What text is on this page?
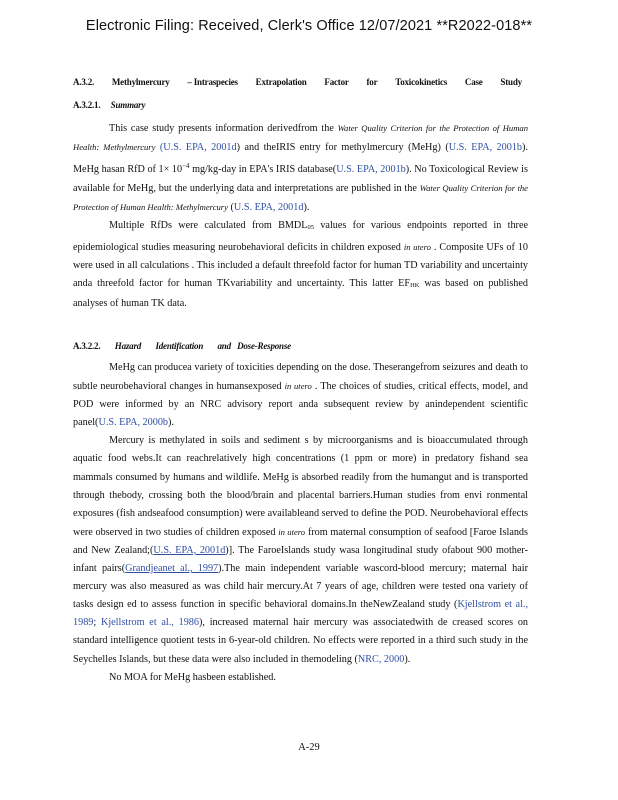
Electronic Filing: Received, Clerk's Office 12/07/2021 **R2022-018**
A.3.2. Methylmercury – Intraspecies Extrapolation Factor for Toxicokinetics Case Study
A.3.2.1. Summary

This case study presents information derivedfrom the Water Quality Criterion for the Protection of Human Health: Methylmercury (U.S. EPA, 2001d) and theIRIS entry for methylmercury (MeHg) (U.S. EPA, 2001b). MeHg hasan RfD of $1\times 10^{-4}$ mg/kg-day in EPA's IRIS database(U.S. EPA, 2001b). No Toxicological Review is available for MeHg, but the underlying data and interpretations are published in the Water Quality Criterion for the Protection of Human Health: Methylmercury (U.S. EPA, 2001d).

Multiple RfDs were calculated from BMDL05 values for various endpoints reported in three epidemiological studies measuring neurobehavioral deficits in children exposed in utero . Composite UFs of 10 were used in all calculations . This included a default threefold factor for human TD variability and uncertainty anda threefold factor for human TKvariability and uncertainty. This latter EFHK was based on published analyses of human TK data.

A.3.2.2. Hazard Identification and Dose-Response

MeHg can producea variety of toxicities depending on the dose. Theserangefrom seizures and death to subtle neurobehavioral changes in humansexposed in utero . The choices of studies, critical effects, model, and POD were informed by an NRC advisory report anda subsequent review by anindependent scientific panel(U.S. EPA, 2000b).

Mercury is methylated in soils and sediment s by microorganisms and is bioaccumulated through aquatic food webs.It can reachrelatively high concentrations (1 ppm or more) in predatory fishand sea mammals consumed by humans and wildlife. MeHg is absorbed readily from the humangut and is transported through thebody, crossing both the blood/brain and placental barriers.Human studies from envi ronmental exposures (fish andseafood consumption) were availableand served to define the POD. Neurobehavioral effects were observed in two studies of children exposed in utero from maternal consumption of seafood [Faroe Islands and New Zealand;(U.S. EPA, 2001d)]. The FaroeIslands study wasa longitudinal study ofabout 900 mother-infant pairs(Grandjeanet al., 1997).The main independent variable wascord-blood mercury; maternal hair mercury was also measured as was child hair mercury.At 7 years of age, children were tested ona variety of tasks design ed to assess function in specific behavioral domains.In theNewZealand study (Kjellstrom et al., 1989; Kjellstrom et al., 1986), increased maternal hair mercury was associatedwith de creased scores on standard intelligence quotient tests in 6-year-old children. No effects were reported in a third such study in the Seychelles Islands, but these data were also included in themodeling (NRC, 2000).

No MOA for MeHg hasbeen established.

A-29
